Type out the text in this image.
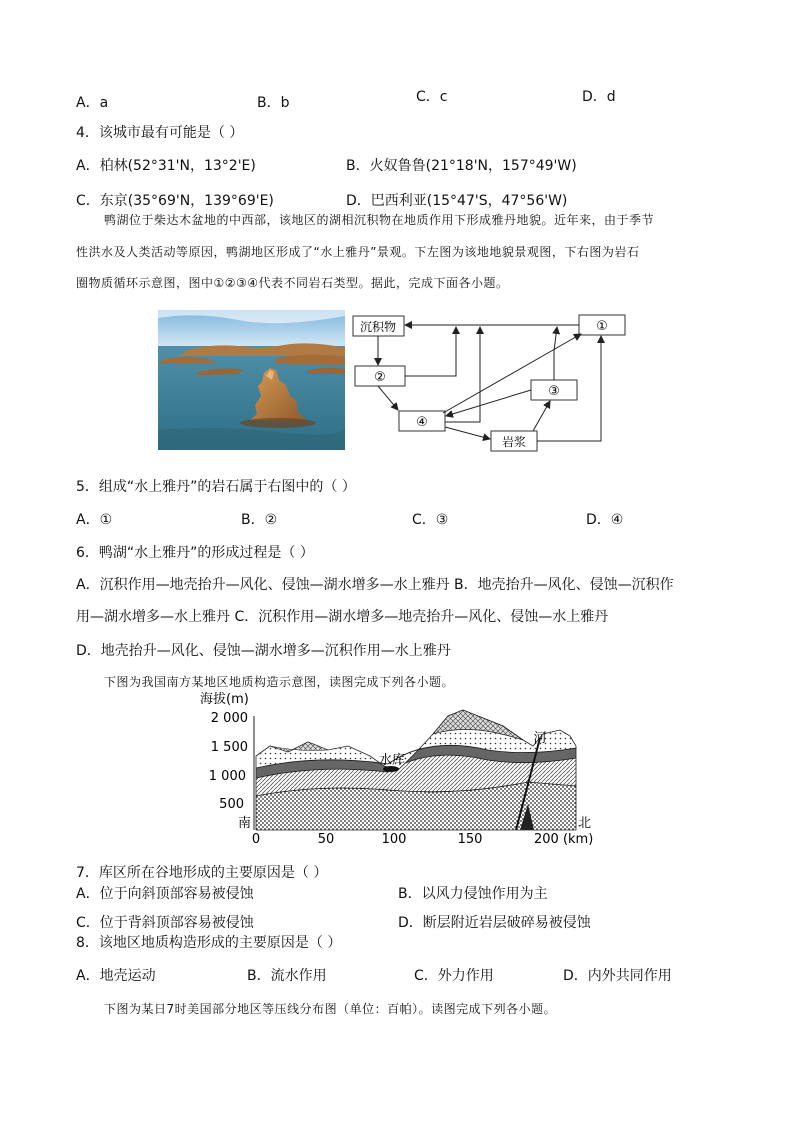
A．a	B．b	C．c	D．d
4．该城市最有可能是（ ）
A．柏林(52°31'N，13°2'E)	B．火奴鲁鲁(21°18'N，157°49'W)
C．东京(35°69'N，139°69'E)	D．巴西利亚(15°47'S，47°56'W)
鸭湖位于柴达木盆地的中西部，该地区的湖相沉积物在地质作用下形成雅丹地貌。近年来，由于季节
性洪水及人类活动等原因，鸭湖地区形成了“水上雅丹”景观。下左图为该地地貌景观图，下右图为岩石
圈物质循环示意图，图中①②③④代表不同岩石类型。据此，完成下面各小题。
沉积物	①
②
③
④
岩浆
5．组成“水上雅丹”的岩石属于右图中的（ ）
A．①	B．②	C．③	D．④
6．鸭湖“水上雅丹”的形成过程是（ ）
A．沉积作用—地壳抬升—风化、侵蚀—湖水增多—水上雅丹 B．地壳抬升—风化、侵蚀—沉积作
用—湖水增多—水上雅丹 C．沉积作用—湖水增多—地壳抬升—风化、侵蚀—水上雅丹
D．地壳抬升—风化、侵蚀—湖水增多—沉积作用—水上雅丹
下图为我国南方某地区地质构造示意图，读图完成下列各小题。
海拔(m)
2 000
1 500
1 000
500
水库
河
南	北
0	50	100	150	200 (km)
7．库区所在谷地形成的主要原因是（ ）
A．位于向斜顶部容易被侵蚀	B．以风力侵蚀作用为主
C．位于背斜顶部容易被侵蚀	D．断层附近岩层破碎易被侵蚀
8．该地区地质构造形成的主要原因是（ ）
A．地壳运动	B．流水作用	C．外力作用	D．内外共同作用
下图为某日7时美国部分地区等压线分布图（单位：百帕）。读图完成下列各小题。
